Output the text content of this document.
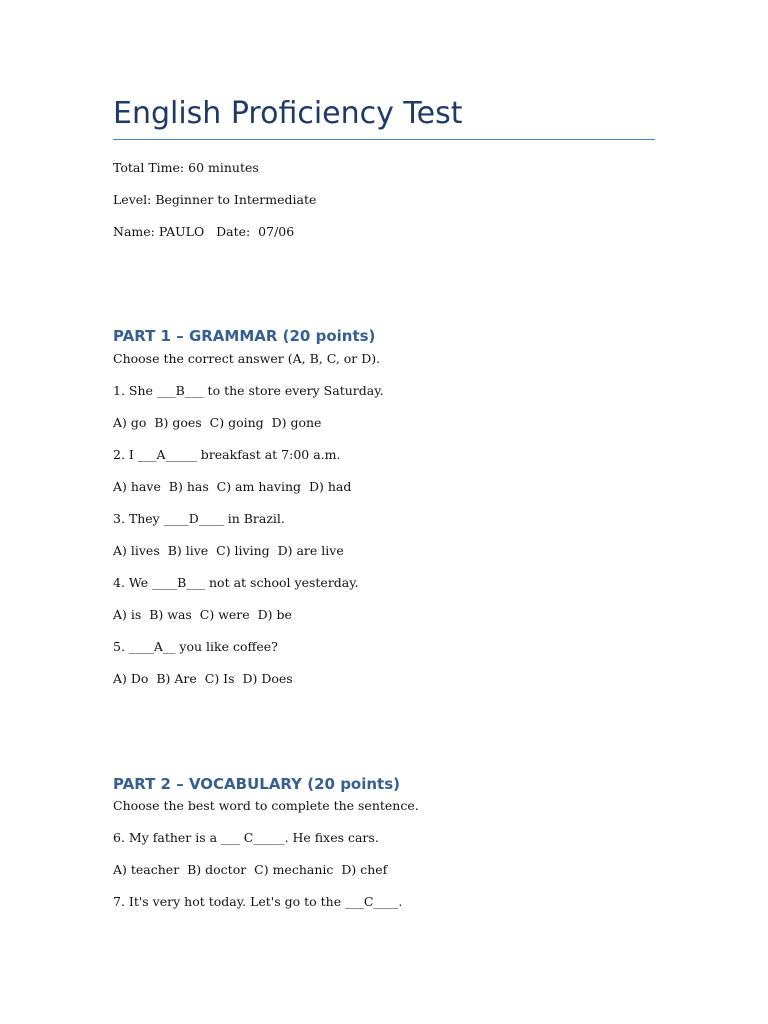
English Proficiency Test
Total Time: 60 minutes
Level: Beginner to Intermediate
Name: PAULO   Date:  07/06
PART 1 – GRAMMAR (20 points)
Choose the correct answer (A, B, C, or D).
1. She ___B___ to the store every Saturday.
A) go  B) goes  C) going  D) gone
2. I ___A_____ breakfast at 7:00 a.m.
A) have  B) has  C) am having  D) had
3. They ____D____ in Brazil.
A) lives  B) live  C) living  D) are live
4. We ____B___ not at school yesterday.
A) is  B) was  C) were  D) be
5. ____A__ you like coffee?
A) Do  B) Are  C) Is  D) Does
PART 2 – VOCABULARY (20 points)
Choose the best word to complete the sentence.
6. My father is a ___ C_____. He fixes cars.
A) teacher  B) doctor  C) mechanic  D) chef
7. It's very hot today. Let's go to the ___C____.
